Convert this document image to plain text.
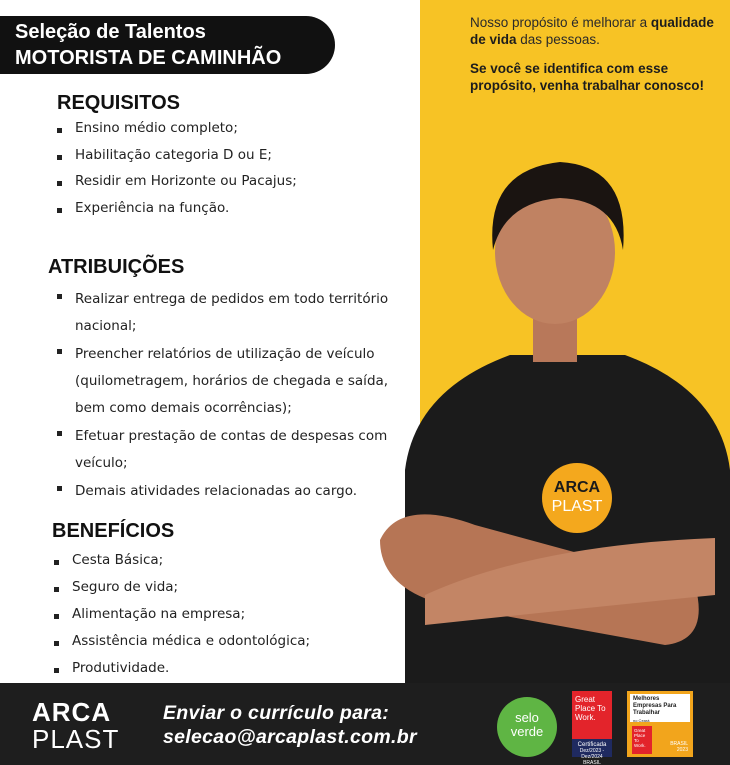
Nosso propósito é melhorar a qualidade de vida das pessoas.

Se você se identifica com esse propósito, venha trabalhar conosco!

Seleção de Talentos
MOTORISTA DE CAMINHÃO
REQUISITOS
Ensino médio completo;
Habilitação categoria D ou E;
Residir em Horizonte ou Pacajus;
Experiência na função.
ATRIBUIÇÕES
Realizar entrega de pedidos em todo território nacional;
Preencher relatórios de utilização de veículo (quilometragem, horários de chegada e saída, bem como demais ocorrências);
Efetuar prestação de contas de despesas com veículo;
Demais atividades relacionadas ao cargo.
BENEFÍCIOS
Cesta Básica;
Seguro de vida;
Alimentação na empresa;
Assistência médica e odontológica;
Produtividade.
ARCA
PLAST
ARCA
PLAST
Enviar o currículo para:
selecao@arcaplast.com.br
selo
verde
Great Place To Work.
Certificada
Dez/2023 - Dez/2024
BRASIL
Melhores Empresas Para Trabalhar
no Ceará
Great Place To Work.	BRASIL
2023
